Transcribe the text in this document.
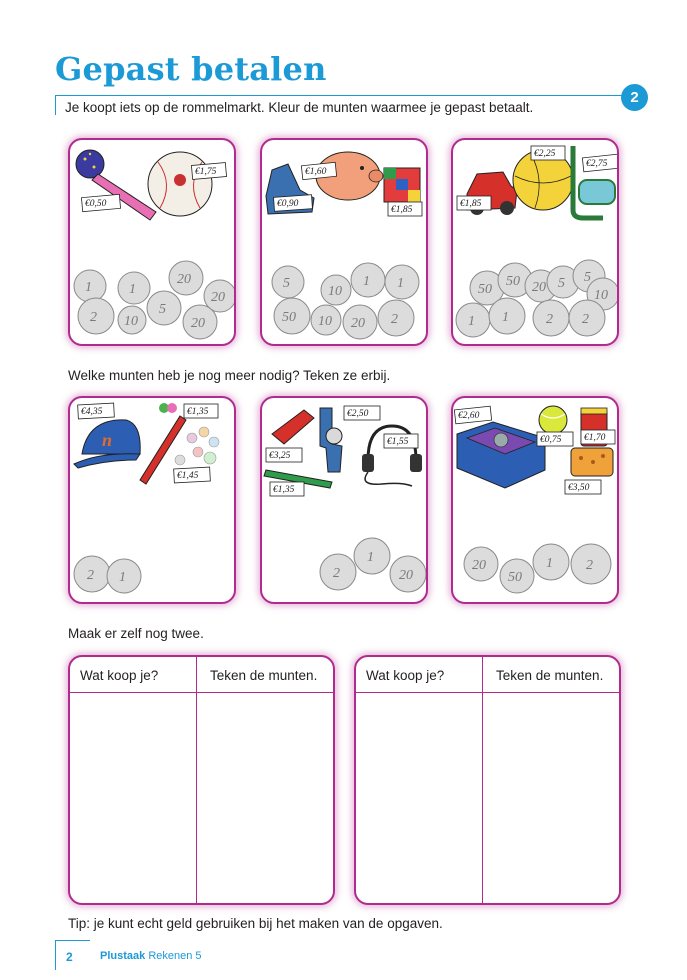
Gepast betalen
2
Je koopt iets op de rommelmarkt. Kleur de munten waarmee je gepast betaalt.
€1,75
€0,50
1	1
20
20
2 10
5
20
€1,60
€0,90
€1,85
5
10
1 1
50 10 20 2
€2,25
€2,75
€1,85
50
50 20 5 5
10
1 1	2 2
Welke munten heb je nog meer nodig? Teken ze erbij.
n
€4,35	€1,35
€1,45
2 1
€2,50
€3,25
€1,55
€1,35
2
1
20
€2,60
€0,75 €1,70
€3,50
20
50
1 2
Maak er zelf nog twee.
Wat koop je?	Teken de munten.	Wat koop je?	Teken de munten.
Tip: je kunt echt geld gebruiken bij het maken van de opgaven.
2 Plustaak Rekenen 5
